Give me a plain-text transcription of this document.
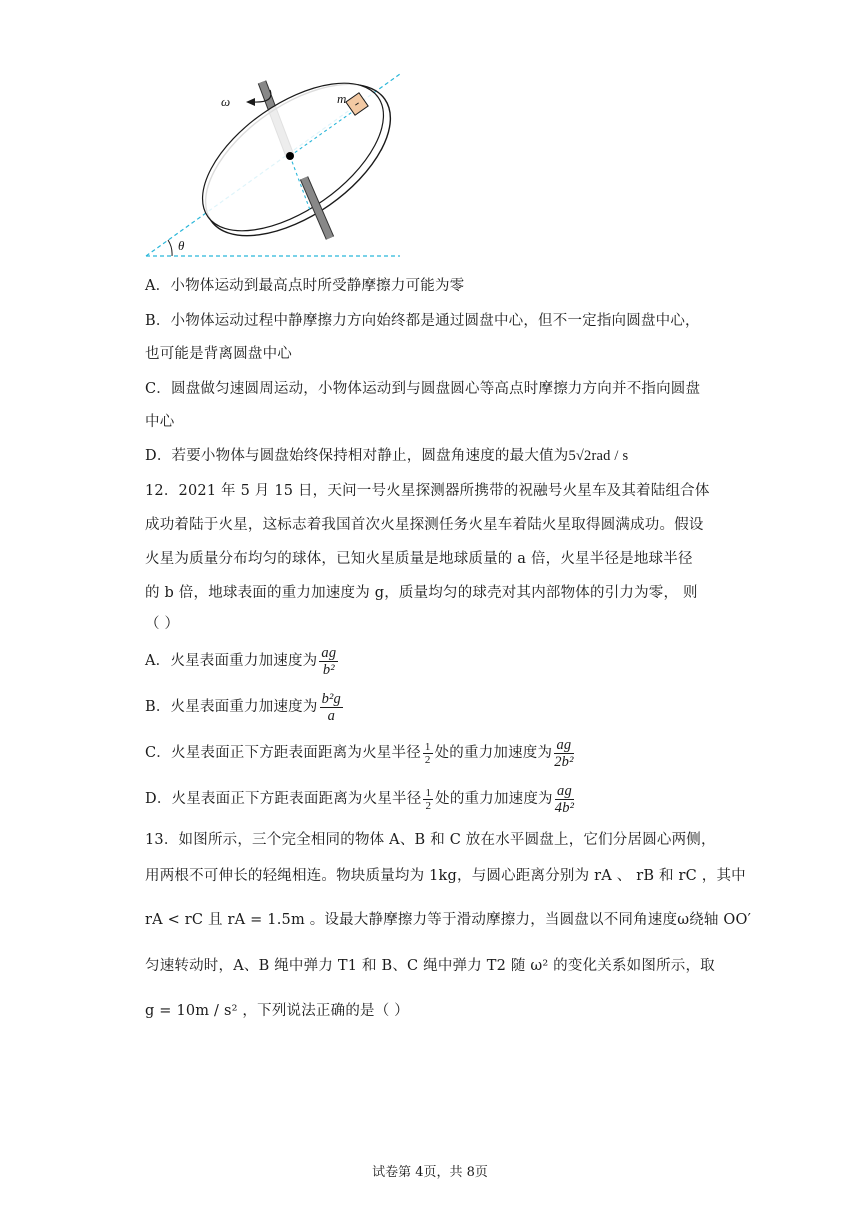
θ
m
ω
A．小物体运动到最高点时所受静摩擦力可能为零
B．小物体运动过程中静摩擦力方向始终都是通过圆盘中心，但不一定指向圆盘中心，
也可能是背离圆盘中心
C．圆盘做匀速圆周运动，小物体运动到与圆盘圆心等高点时摩擦力方向并不指向圆盘
中心
D．若要小物体与圆盘始终保持相对静止，圆盘角速度的最大值为5√2rad / s
12．2021 年 5 月 15 日，天问一号火星探测器所携带的祝融号火星车及其着陆组合体
成功着陆于火星，这标志着我国首次火星探测任务火星车着陆火星取得圆满成功。假设
火星为质量分布均匀的球体，已知火星质量是地球质量的 a 倍，火星半径是地球半径
的 b 倍，地球表面的重力加速度为 g，质量均匀的球壳对其内部物体的引力为零， 则
（ ）
A．火星表面重力加速度为 $\frac{ag}{\text{b²}}$
B．火星表面重力加速度为 $\frac{\text{b²g}}{a}$
C．火星表面正下方距表面距离为火星半径 $\frac{1}{2}$ 处的重力加速度为 $\frac{ag}{\text{2b²}}$
D．火星表面正下方距表面距离为火星半径 $\frac{1}{2}$ 处的重力加速度为 $\frac{ag}{\text{4b²}}$
13．如图所示，三个完全相同的物体 A、B 和 C 放在水平圆盘上，它们分居圆心两侧，
用两根不可伸长的轻绳相连。物块质量均为 1kg，与圆心距离分别为 rA 、 rB 和 rC ，其中
rA < rC 且 rA = 1.5m 。设最大静摩擦力等于滑动摩擦力，当圆盘以不同角速度ω绕轴 OO′
匀速转动时，A、B 绳中弹力 T1 和 B、C 绳中弹力 T2 随 ω² 的变化关系如图所示，取
g = 10m / s² ，下列说法正确的是（ ）
试卷第 4页，共 8页
